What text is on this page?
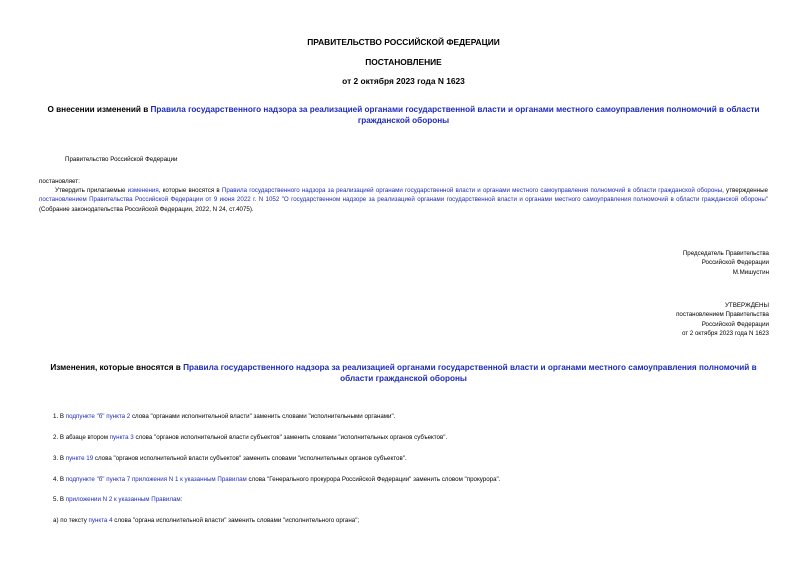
ПРАВИТЕЛЬСТВО РОССИЙСКОЙ ФЕДЕРАЦИИ
ПОСТАНОВЛЕНИЕ
от 2 октября 2023 года N 1623
О внесении изменений в Правила государственного надзора за реализацией органами государственной власти и органами местного самоуправления полномочий в области гражданской обороны
Правительство Российской Федерации
постановляет:
Утвердить прилагаемые изменения, которые вносятся в Правила государственного надзора за реализацией органами государственной власти и органами местного самоуправления полномочий в области гражданской обороны, утвержденные постановлением Правительства Российской Федерации от 9 июня 2022 г. N 1052 "О государственном надзоре за реализацией органами государственной власти и органами местного самоуправления полномочий в области гражданской обороны" (Собрание законодательства Российской Федерации, 2022, N 24, ст.4075).
Председатель Правительства
Российской Федерации
М.Мишустин
УТВЕРЖДЕНЫ
постановлением Правительства
Российской Федерации
от 2 октября 2023 года N 1623
Изменения, которые вносятся в Правила государственного надзора за реализацией органами государственной власти и органами местного самоуправления полномочий в области гражданской обороны
1. В подпункте "б" пункта 2 слова "органами исполнительной власти" заменить словами "исполнительными органами".
2. В абзаце втором пункта 3 слова "органов исполнительной власти субъектов" заменить словами "исполнительных органов субъектов".
3. В пункте 19 слова "органов исполнительной власти субъектов" заменить словами "исполнительных органов субъектов".
4. В подпункте "б" пункта 7 приложения N 1 к указанным Правилам слова "Генерального прокурора Российской Федерации" заменить словом "прокурора".
5. В приложении N 2 к указанным Правилам:
а) по тексту пункта 4 слова "органа исполнительной власти" заменить словами "исполнительного органа";
